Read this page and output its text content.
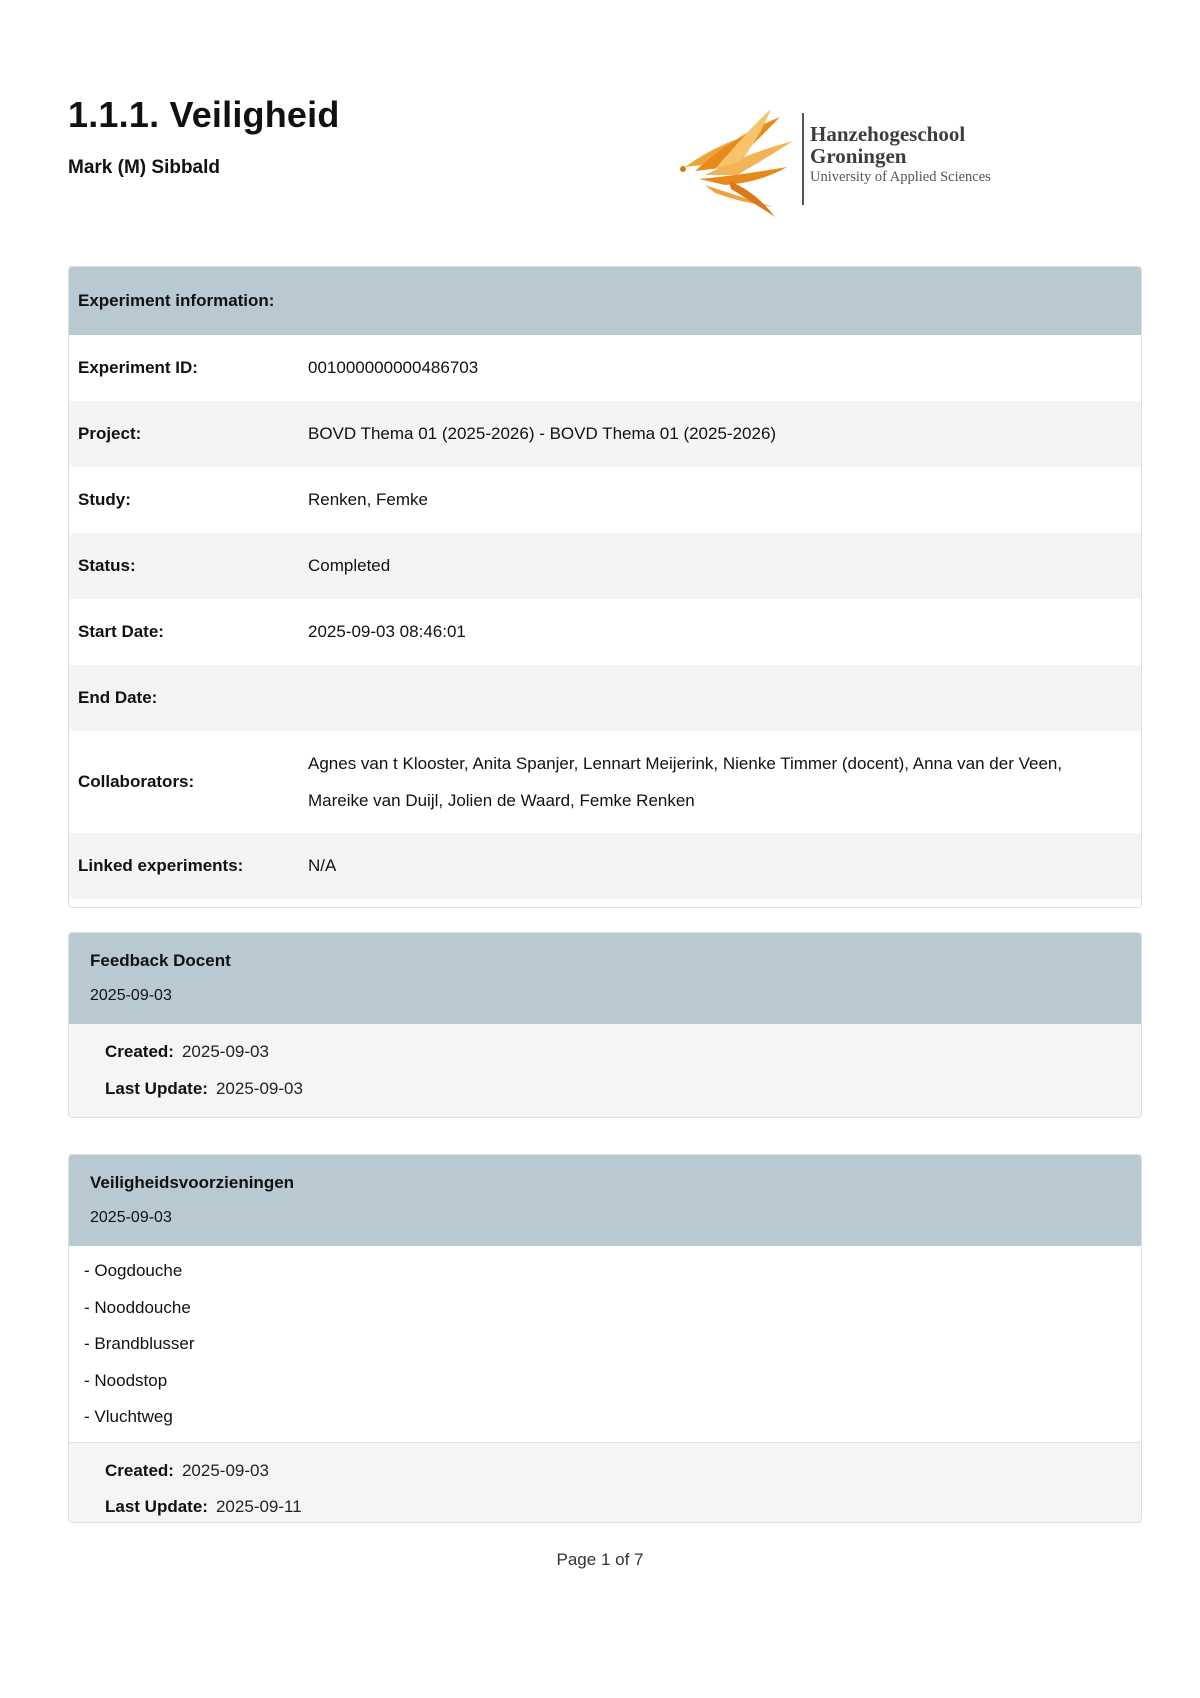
1.1.1. Veiligheid
Mark (M) Sibbald
Hanzehogeschool
Groningen
University of Applied Sciences
Experiment information:
Experiment ID:	001000000000486703
Project:	BOVD Thema 01 (2025-2026) - BOVD Thema 01 (2025-2026)
Study:	Renken, Femke
Status:	Completed
Start Date:	2025-09-03 08:46:01
End Date:
Collaborators:
Agnes van t Klooster, Anita Spanjer, Lennart Meijerink, Nienke Timmer (docent), Anna van der Veen,
Mareike van Duijl, Jolien de Waard, Femke Renken
Linked experiments:	N/A
Feedback Docent
2025-09-03
Created: 2025-09-03
Last Update: 2025-09-03
Veiligheidsvoorzieningen
2025-09-03
- Oogdouche
- Nooddouche
- Brandblusser
- Noodstop
- Vluchtweg
Created: 2025-09-03
Last Update: 2025-09-11
Page 1 of 7
